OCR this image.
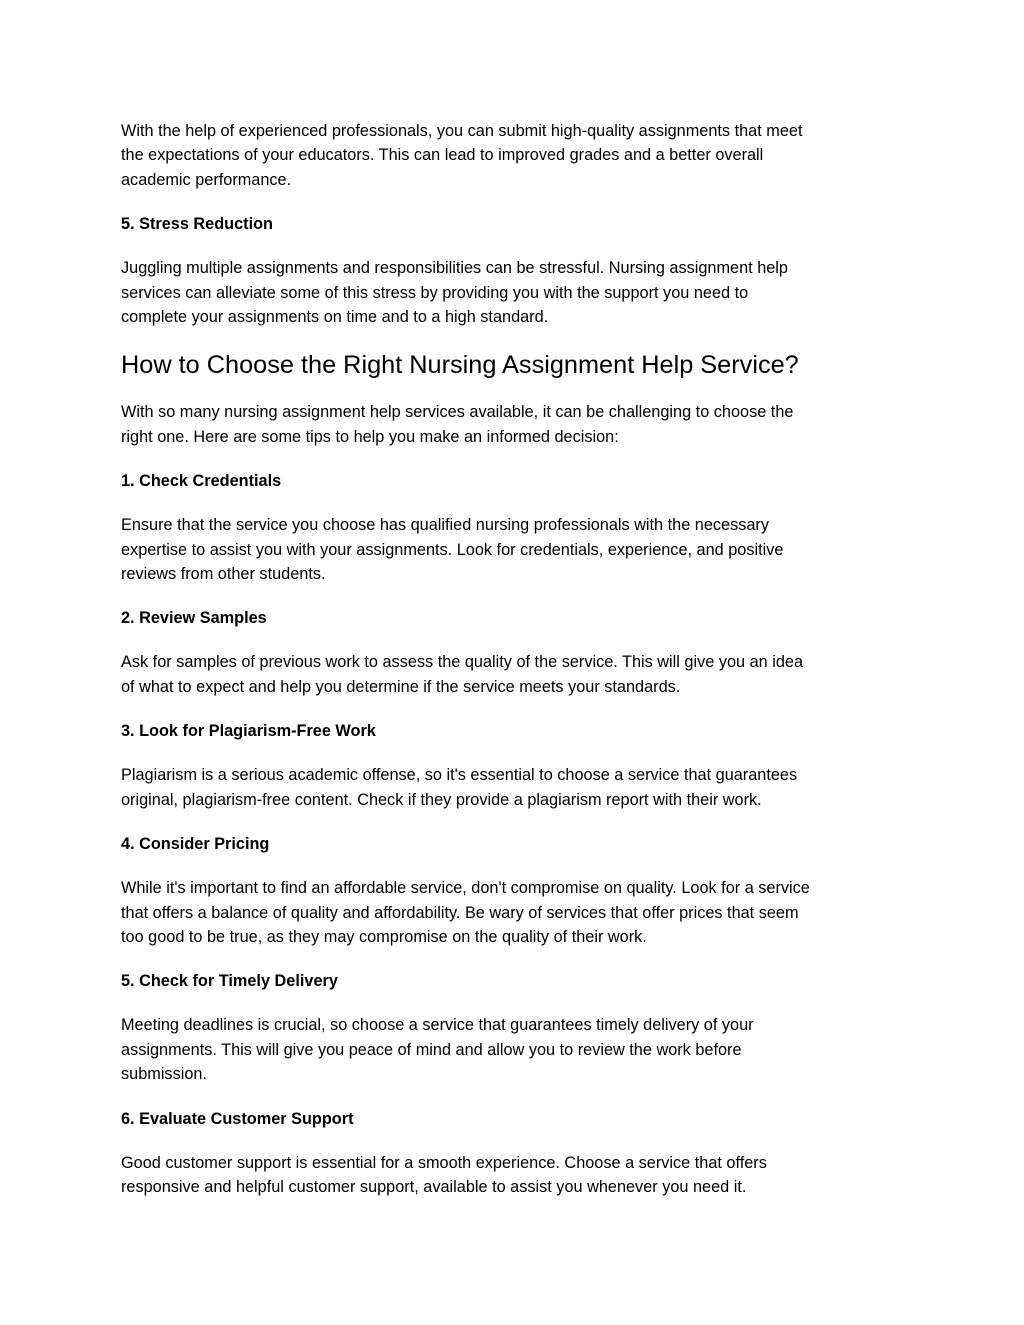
With the help of experienced professionals, you can submit high-quality assignments that meet
the expectations of your educators. This can lead to improved grades and a better overall
academic performance.

5. Stress Reduction

Juggling multiple assignments and responsibilities can be stressful. Nursing assignment help
services can alleviate some of this stress by providing you with the support you need to
complete your assignments on time and to a high standard.

How to Choose the Right Nursing Assignment Help Service?

With so many nursing assignment help services available, it can be challenging to choose the
right one. Here are some tips to help you make an informed decision:

1. Check Credentials

Ensure that the service you choose has qualified nursing professionals with the necessary
expertise to assist you with your assignments. Look for credentials, experience, and positive
reviews from other students.

2. Review Samples

Ask for samples of previous work to assess the quality of the service. This will give you an idea
of what to expect and help you determine if the service meets your standards.

3. Look for Plagiarism-Free Work

Plagiarism is a serious academic offense, so it's essential to choose a service that guarantees
original, plagiarism-free content. Check if they provide a plagiarism report with their work.

4. Consider Pricing

While it's important to find an affordable service, don't compromise on quality. Look for a service
that offers a balance of quality and affordability. Be wary of services that offer prices that seem
too good to be true, as they may compromise on the quality of their work.

5. Check for Timely Delivery

Meeting deadlines is crucial, so choose a service that guarantees timely delivery of your
assignments. This will give you peace of mind and allow you to review the work before
submission.

6. Evaluate Customer Support

Good customer support is essential for a smooth experience. Choose a service that offers
responsive and helpful customer support, available to assist you whenever you need it.
